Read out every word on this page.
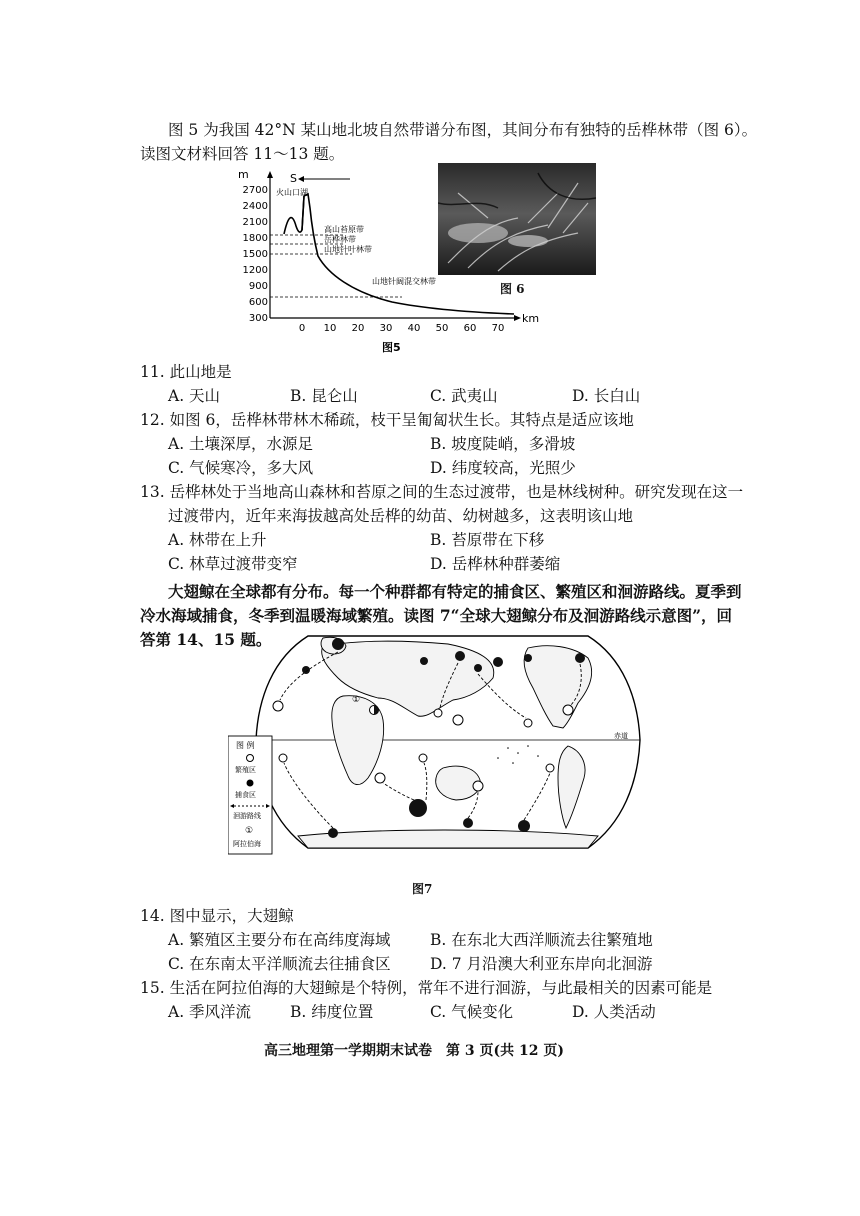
图 5 为我国 42°N 某山地北坡自然带谱分布图，其间分布有独特的岳桦林带（图 6）。
读图文材料回答 11～13 题。
m
km
2700
2400
2100
1800
1500
1200
900
600
300
0 10 20 30 40 50 60 70
S
火山口湖
高山苔原带
岳桦林带
山地针叶林带
山地针阔混交林带
图5
图 6
11. 此山地是
A. 天山	B. 昆仑山	C. 武夷山	D. 长白山
12. 如图 6，岳桦林带林木稀疏，枝干呈匍匐状生长。其特点是适应该地
A. 土壤深厚，水源足	B. 坡度陡峭，多滑坡
C. 气候寒冷，多大风	D. 纬度较高，光照少
13. 岳桦林处于当地高山森林和苔原之间的生态过渡带，也是林线树种。研究发现在这一
过渡带内，近年来海拔越高处岳桦的幼苗、幼树越多，这表明该山地
A. 林带在上升	B. 苔原带在下移
C. 林草过渡带变窄	D. 岳桦林种群萎缩
大翅鲸在全球都有分布。每一个种群都有特定的捕食区、繁殖区和洄游路线。夏季到
冷水海域捕食，冬季到温暖海域繁殖。读图 7“全球大翅鲸分布及洄游路线示意图”，回
答第 14、15 题。
赤道
①
图 例
繁殖区
捕食区
洄游路线
①
阿拉伯海
图7
14. 图中显示，大翅鲸
A. 繁殖区主要分布在高纬度海域	B. 在东北大西洋顺流去往繁殖地
C. 在东南太平洋顺流去往捕食区	D. 7 月沿澳大利亚东岸向北洄游
15. 生活在阿拉伯海的大翅鲸是个特例，常年不进行洄游，与此最相关的因素可能是
A. 季风洋流	B. 纬度位置	C. 气候变化	D. 人类活动
高三地理第一学期期末试卷　第 3 页(共 12 页)
